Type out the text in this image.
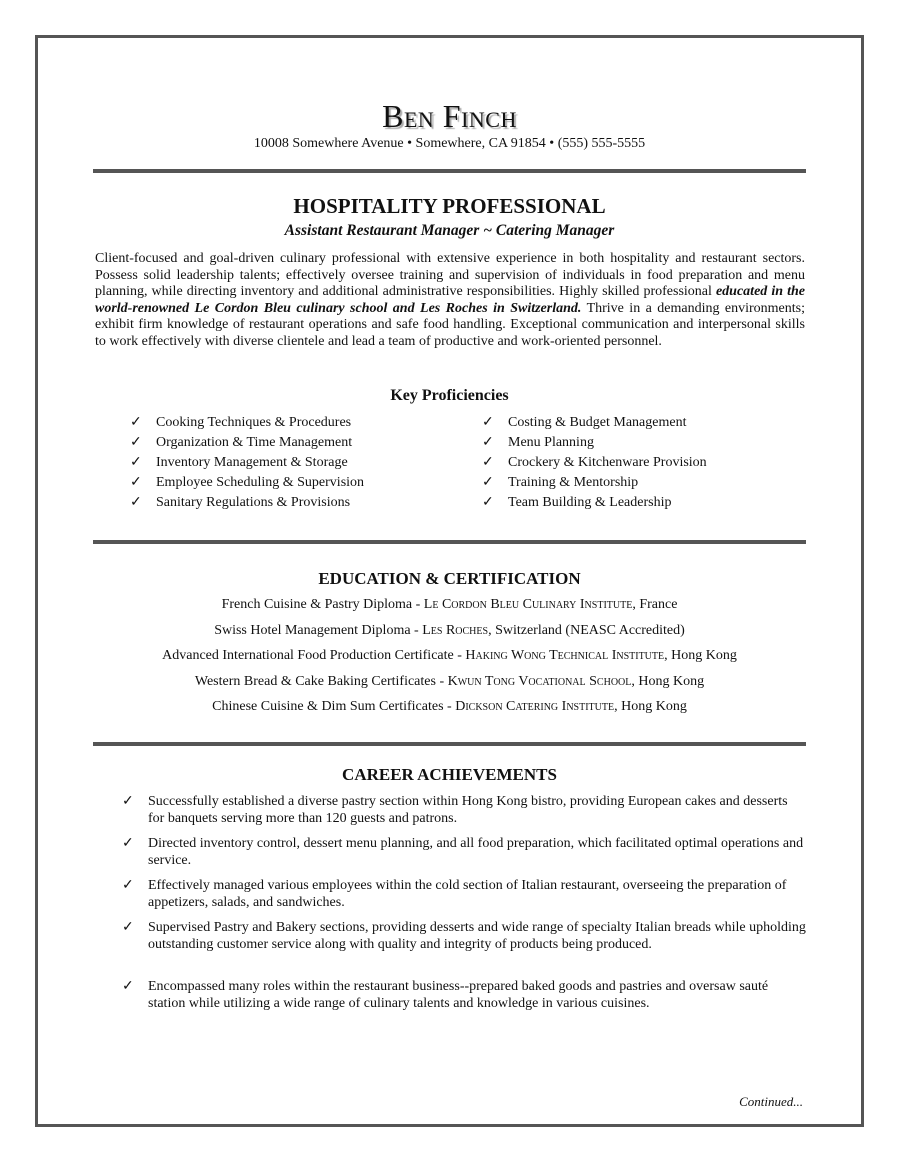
Ben Finch
10008 Somewhere Avenue • Somewhere, CA 91854 • (555) 555-5555
HOSPITALITY PROFESSIONAL
Assistant Restaurant Manager ~ Catering Manager
Client-focused and goal-driven culinary professional with extensive experience in both hospitality and restaurant sectors. Possess solid leadership talents; effectively oversee training and supervision of individuals in food preparation and menu planning, while directing inventory and additional administrative responsibilities. Highly skilled professional educated in the world-renowned Le Cordon Bleu culinary school and Les Roches in Switzerland. Thrive in a demanding environments; exhibit firm knowledge of restaurant operations and safe food handling. Exceptional communication and interpersonal skills to work effectively with diverse clientele and lead a team of productive and work-oriented personnel.
Key Proficiencies
✓ Cooking Techniques & Procedures
✓ Organization & Time Management
✓ Inventory Management & Storage
✓ Employee Scheduling & Supervision
✓ Sanitary Regulations & Provisions
✓ Costing & Budget Management
✓ Menu Planning
✓ Crockery & Kitchenware Provision
✓ Training & Mentorship
✓ Team Building & Leadership
EDUCATION & CERTIFICATION
French Cuisine & Pastry Diploma - Le Cordon Bleu Culinary Institute, France
Swiss Hotel Management Diploma - Les Roches, Switzerland (NEASC Accredited)
Advanced International Food Production Certificate - Haking Wong Technical Institute, Hong Kong
Western Bread & Cake Baking Certificates - Kwun Tong Vocational School, Hong Kong
Chinese Cuisine & Dim Sum Certificates - Dickson Catering Institute, Hong Kong
CAREER ACHIEVEMENTS
✓ Successfully established a diverse pastry section within Hong Kong bistro, providing European cakes and desserts for banquets serving more than 120 guests and patrons.
✓ Directed inventory control, dessert menu planning, and all food preparation, which facilitated optimal operations and service.
✓ Effectively managed various employees within the cold section of Italian restaurant, overseeing the preparation of appetizers, salads, and sandwiches.
✓ Supervised Pastry and Bakery sections, providing desserts and wide range of specialty Italian breads while upholding outstanding customer service along with quality and integrity of products being produced.
✓ Encompassed many roles within the restaurant business--prepared baked goods and pastries and oversaw sauté station while utilizing a wide range of culinary talents and knowledge in various cuisines.
Continued...
